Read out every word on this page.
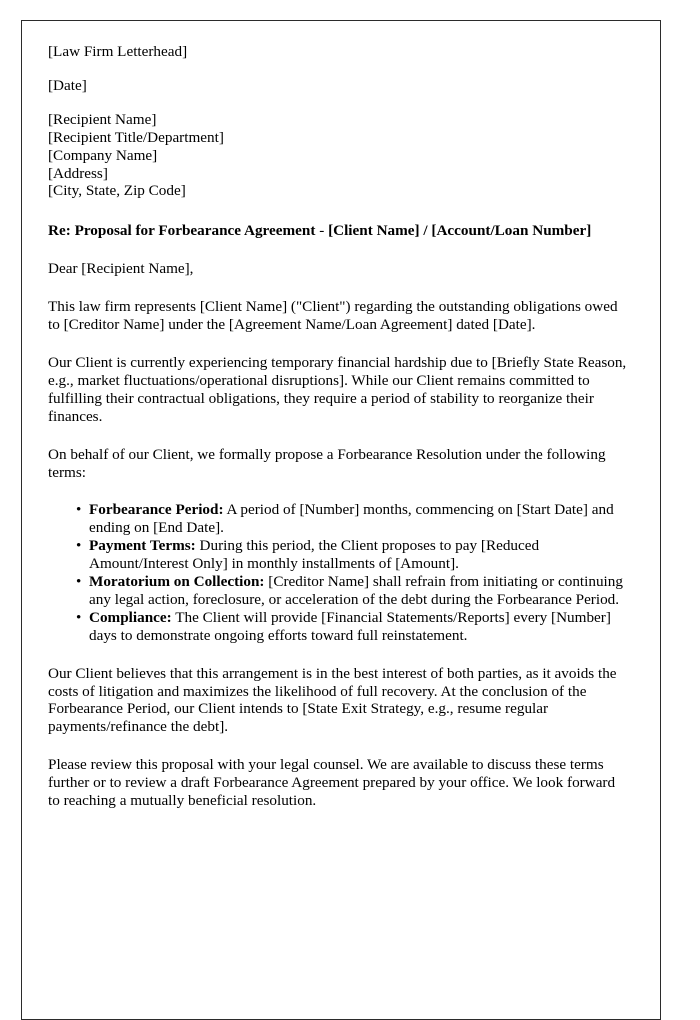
[Law Firm Letterhead]
[Date]
[Recipient Name]
[Recipient Title/Department]
[Company Name]
[Address]
[City, State, Zip Code]
Re: Proposal for Forbearance Agreement - [Client Name] / [Account/Loan Number]
Dear [Recipient Name],

This law firm represents [Client Name] ("Client") regarding the outstanding obligations owed to [Creditor Name] under the [Agreement Name/Loan Agreement] dated [Date].

Our Client is currently experiencing temporary financial hardship due to [Briefly State Reason, e.g., market fluctuations/operational disruptions]. While our Client remains committed to fulfilling their contractual obligations, they require a period of stability to reorganize their finances.

On behalf of our Client, we formally propose a Forbearance Resolution under the following terms:

• Forbearance Period: A period of [Number] months, commencing on [Start Date] and ending on [End Date].
• Payment Terms: During this period, the Client proposes to pay [Reduced Amount/Interest Only] in monthly installments of [Amount].
• Moratorium on Collection: [Creditor Name] shall refrain from initiating or continuing any legal action, foreclosure, or acceleration of the debt during the Forbearance Period.
• Compliance: The Client will provide [Financial Statements/Reports] every [Number] days to demonstrate ongoing efforts toward full reinstatement.

Our Client believes that this arrangement is in the best interest of both parties, as it avoids the costs of litigation and maximizes the likelihood of full recovery. At the conclusion of the Forbearance Period, our Client intends to [State Exit Strategy, e.g., resume regular payments/refinance the debt].

Please review this proposal with your legal counsel. We are available to discuss these terms further or to review a draft Forbearance Agreement prepared by your office. We look forward to reaching a mutually beneficial resolution.
